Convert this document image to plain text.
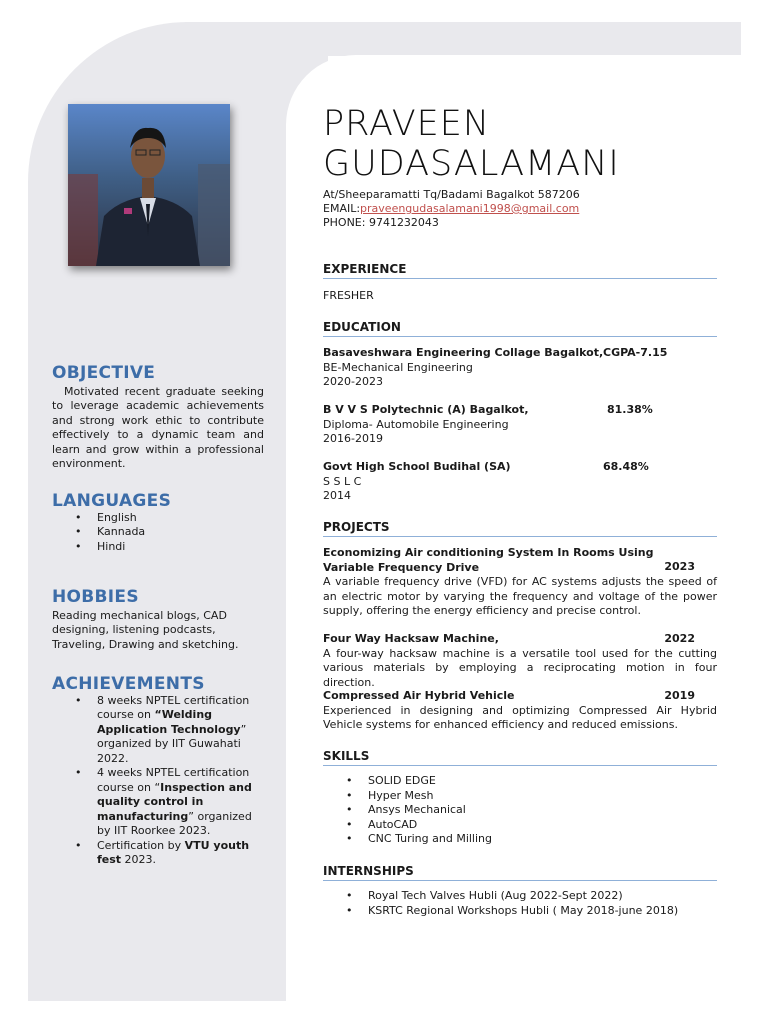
OBJECTIVE
Motivated recent graduate seeking to leverage academic achievements and strong work ethic to contribute effectively to a dynamic team and learn and grow within a professional environment.
LANGUAGES
• English
• Kannada
• Hindi
HOBBIES
Reading mechanical blogs, CAD designing, listening podcasts, Traveling, Drawing and sketching.
ACHIEVEMENTS
• 8 weeks NPTEL certification course on “Welding Application Technology” organized by IIT Guwahati 2022.
• 4 weeks NPTEL certification course on “Inspection and quality control in manufacturing” organized by IIT Roorkee 2023.
• Certification by VTU youth fest 2023.
PRAVEEN
GUDASALAMANI
At/Sheeparamatti Tq/Badami Bagalkot 587206
EMAIL:praveengudasalamani1998@gmail.com
PHONE: 9741232043
EXPERIENCE
FRESHER
EDUCATION
Basaveshwara Engineering Collage Bagalkot, CGPA-7.15
BE-Mechanical Engineering
2020-2023
B V V S Polytechnic (A) Bagalkot,	81.38%
Diploma- Automobile Engineering
2016-2019
Govt High School Budihal (SA)	68.48%
S S L C
2014
PROJECTS
Economizing Air conditioning System In Rooms Using Variable Frequency Drive	2023
A variable frequency drive (VFD) for AC systems adjusts the speed of an electric motor by varying the frequency and voltage of the power supply, offering the energy efficiency and precise control.
Four Way Hacksaw Machine,	2022
A four-way hacksaw machine is a versatile tool used for the cutting various materials by employing a reciprocating motion in four direction.
Compressed Air Hybrid Vehicle	2019
Experienced in designing and optimizing Compressed Air Hybrid Vehicle systems for enhanced efficiency and reduced emissions.
SKILLS
• SOLID EDGE
• Hyper Mesh
• Ansys Mechanical
• AutoCAD
• CNC Turing and Milling
INTERNSHIPS
• Royal Tech Valves Hubli (Aug 2022-Sept 2022)
• KSRTC Regional Workshops Hubli ( May 2018-june 2018)
